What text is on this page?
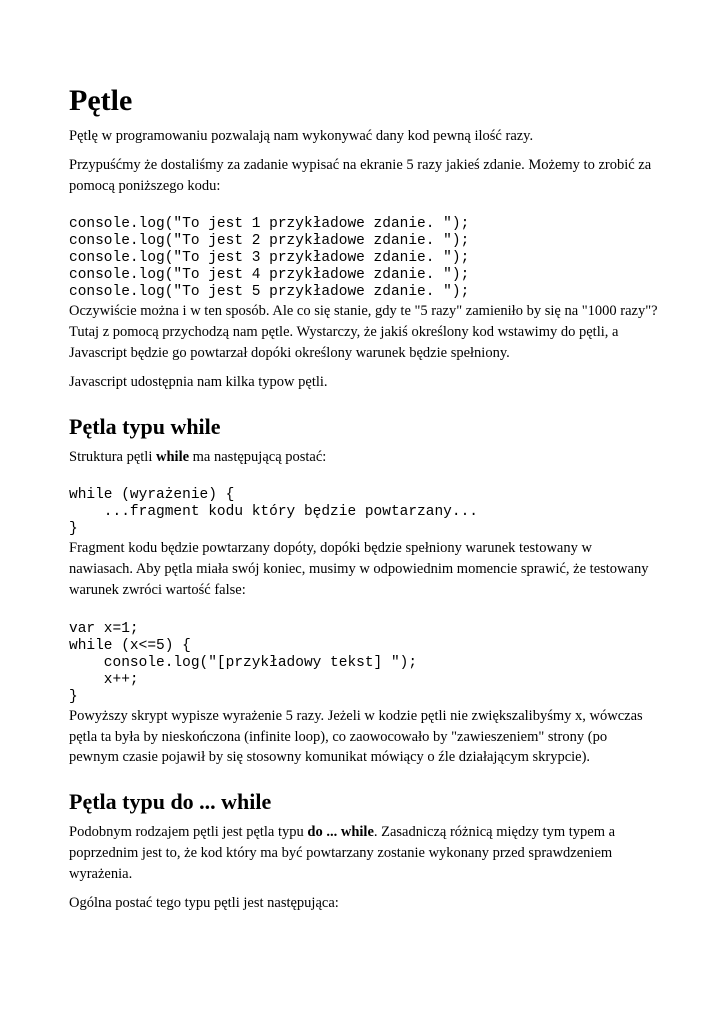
Pętle

Pętlę w programowaniu pozwalają nam wykonywać dany kod pewną ilość razy.

Przypuśćmy że dostaliśmy za zadanie wypisać na ekranie 5 razy jakieś zdanie. Możemy to zrobić za pomocą poniższego kodu:

console.log("To jest 1 przykładowe zdanie. ");
console.log("To jest 2 przykładowe zdanie. ");
console.log("To jest 3 przykładowe zdanie. ");
console.log("To jest 4 przykładowe zdanie. ");
console.log("To jest 5 przykładowe zdanie. ");

Oczywiście można i w ten sposób. Ale co się stanie, gdy te "5 razy" zamieniło by się na "1000 razy"? Tutaj z pomocą przychodzą nam pętle. Wystarczy, że jakiś określony kod wstawimy do pętli, a Javascript będzie go powtarzał dopóki określony warunek będzie spełniony.

Javascript udostępnia nam kilka typow pętli.

Pętla typu while

Struktura pętli while ma następującą postać:

while (wyrażenie) {
...fragment kodu który będzie powtarzany...
}

Fragment kodu będzie powtarzany dopóty, dopóki będzie spełniony warunek testowany w nawiasach. Aby pętla miała swój koniec, musimy w odpowiednim momencie sprawić, że testowany warunek zwróci wartość false:

var x=1;
while (x<=5) {
console.log("[przykładowy tekst] ");
x++;
}

Powyższy skrypt wypisze wyrażenie 5 razy. Jeżeli w kodzie pętli nie zwiększalibyśmy x, wówczas pętla ta była by nieskończona (infinite loop), co zaowocowało by "zawieszeniem" strony (po pewnym czasie pojawił by się stosowny komunikat mówiący o źle działającym skrypcie).

Pętla typu do ... while

Podobnym rodzajem pętli jest pętla typu do ... while. Zasadniczą różnicą między tym typem a poprzednim jest to, że kod który ma być powtarzany zostanie wykonany przed sprawdzeniem wyrażenia.

Ogólna postać tego typu pętli jest następująca:
